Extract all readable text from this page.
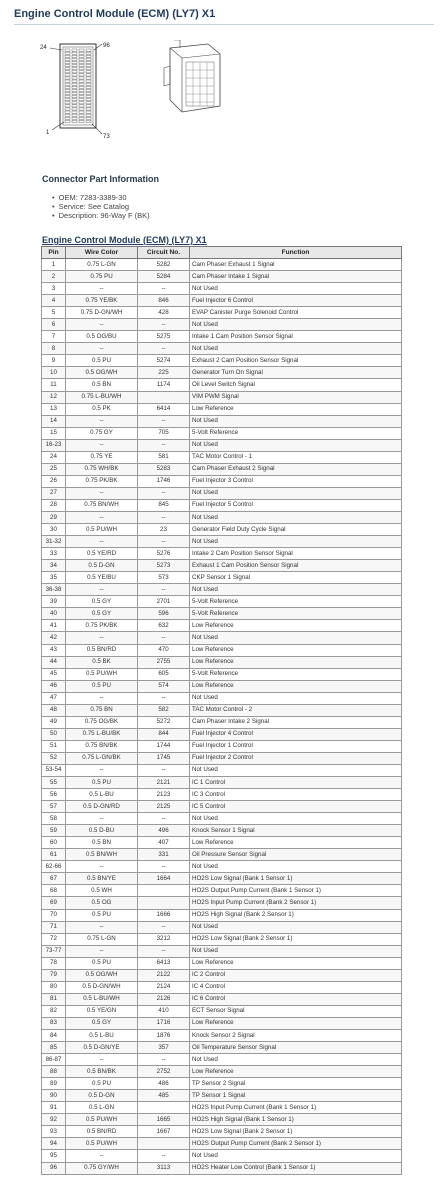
Engine Control Module (ECM) (LY7) X1
24	96
1
73
Connector Part Information
• OEM: 7283-3389-30
• Service: See Catalog
• Description: 96-Way F (BK)
Engine Control Module (ECM) (LY7) X1
Pin	Wire Color	Circuit No.	Function
1	0.75 L-GN	5282	Cam Phaser Exhaust 1 Signal
2	0.75 PU	5284	Cam Phaser Intake 1 Signal
3	--	--	Not Used
4	0.75 YE/BK	846	Fuel Injector 6 Control
5	0.75 D-GN/WH	428	EVAP Canister Purge Solenoid Control
6	--	--	Not Used
7	0.5 OG/BU	5275	Intake 1 Cam Position Sensor Signal
8	--	--	Not Used
9	0.5 PU	5274	Exhaust 2 Cam Position Sensor Signal
10	0.5 OG/WH	225	Generator Turn On Signal
11	0.5 BN	1174	Oil Level Switch Signal
12	0.75 L-BU/WH		VIM PWM Signal
13	0.5 PK	6414	Low Reference
14	--	--	Not Used
15	0.75 GY	705	5-Volt Reference
16-23	--	--	Not Used
24	0.75 YE	581	TAC Motor Control - 1
25	0.75 WH/BK	5283	Cam Phaser Exhaust 2 Signal
26	0.75 PK/BK	1746	Fuel Injector 3 Control
27	--	--	Not Used
28	0.75 BN/WH	845	Fuel Injector 5 Control
29	--	--	Not Used
30	0.5 PU/WH	23	Generator Field Duty Cycle Signal
31-32	--	--	Not Used
33	0.5 YE/RD	5276	Intake 2 Cam Position Sensor Signal
34	0.5 D-GN	5273	Exhaust 1 Cam Position Sensor Signal
35	0.5 YE/BU	573	CKP Sensor 1 Signal
36-38	--	--	Not Used
39	0.5 GY	2701	5-Volt Reference
40	0.5 GY	596	5-Volt Reference
41	0.75 PK/BK	632	Low Reference
42	--	--	Not Used
43	0.5 BN/RD	470	Low Reference
44	0.5 BK	2755	Low Reference
45	0.5 PU/WH	605	5-Volt Reference
46	0.5 PU	574	Low Reference
47	--	--	Not Used
48	0.75 BN	582	TAC Motor Control - 2
49	0.75 OG/BK	5272	Cam Phaser Intake 2 Signal
50	0.75 L-BU/BK	844	Fuel Injector 4 Control
51	0.75 BN/BK	1744	Fuel Injector 1 Control
52	0.75 L-GN/BK	1745	Fuel Injector 2 Control
53-54	--	--	Not Used
55	0.5 PU	2121	IC 1 Control
56	0.5 L-BU	2123	IC 3 Control
57	0.5 D-GN/RD	2125	IC 5 Control
58	--	--	Not Used
59	0.5 D-BU	496	Knock Sensor 1 Signal
60	0.5 BN	407	Low Reference
61	0.5 BN/WH	331	Oil Pressure Sensor Signal
62-66	--	--	Not Used
67	0.5 BN/YE	1664	HO2S Low Signal (Bank 1 Sensor 1)
68	0.5 WH		HO2S Output Pump Current (Bank 1 Sensor 1)
69	0.5 OG		HO2S Input Pump Current (Bank 2 Sensor 1)
70	0.5 PU	1666	HO2S High Signal (Bank 2 Sensor 1)
71	--	--	Not Used
72	0.75 L-GN	3212	HO2S Low Signal (Bank 2 Sensor 1)
73-77	--	--	Not Used
78	0.5 PU	6413	Low Reference
79	0.5 OG/WH	2122	IC 2 Control
80	0.5 D-GN/WH	2124	IC 4 Control
81	0.5 L-BU/WH	2126	IC 6 Control
82	0.5 YE/GN	410	ECT Sensor Signal
83	0.5 GY	1716	Low Reference
84	0.5 L-BU	1876	Knock Sensor 2 Signal
85	0.5 D-GN/YE	357	Oil Temperature Sensor Signal
86-87	--	--	Not Used
88	0.5 BN/BK	2752	Low Reference
89	0.5 PU	486	TP Sensor 2 Signal
90	0.5 D-GN	485	TP Sensor 1 Signal
91	0.5 L-GN		HO2S Input Pump Current (Bank 1 Sensor 1)
92	0.5 PU/WH	1665	HO2S High Signal (Bank 1 Sensor 1)
93	0.5 BN/RD	1667	HO2S Low Signal (Bank 2 Sensor 1)
94	0.5 PU/WH		HO2S Output Pump Current (Bank 2 Sensor 1)
95	--	--	Not Used
96	0.75 GY/WH	3113	HO2S Heater Low Control (Bank 1 Sensor 1)
